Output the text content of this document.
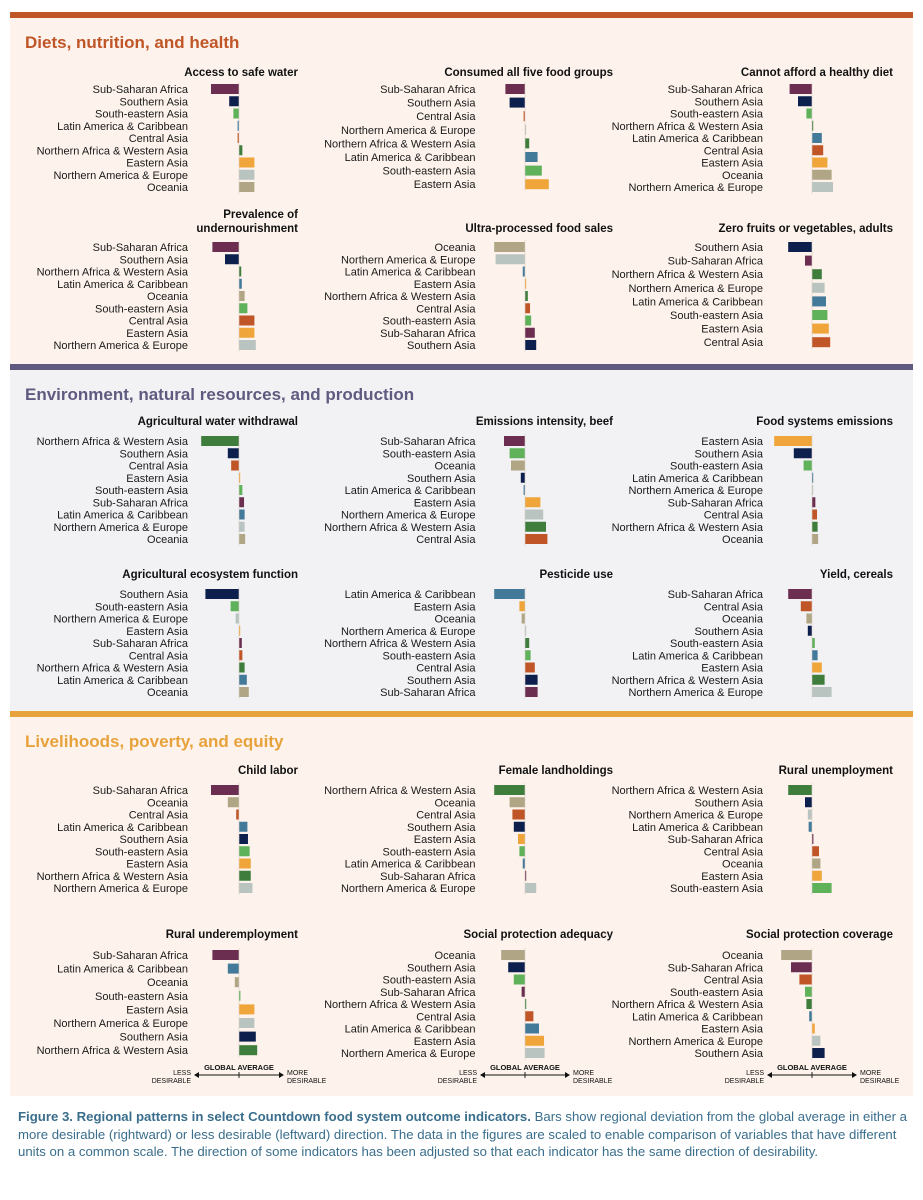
Diets, nutrition, and health
Environment, natural resources, and production
Livelihoods, poverty, and equity
Access to safe water
Sub-Saharan Africa
Southern Asia
South-eastern Asia
Latin America & Caribbean
Central Asia
Northern Africa & Western Asia
Eastern Asia
Northern America & Europe
Oceania
Consumed all five food groups
Sub-Saharan Africa
Southern Asia
Central Asia
Northern America & Europe
Northern Africa & Western Asia
Latin America & Caribbean
South-eastern Asia
Eastern Asia
Cannot afford a healthy diet
Sub-Saharan Africa
Southern Asia
South-eastern Asia
Northern Africa & Western Asia
Latin America & Caribbean
Central Asia
Eastern Asia
Oceania
Northern America & Europe
Prevalence of
undernourishment
Sub-Saharan Africa
Southern Asia
Northern Africa & Western Asia
Latin America & Caribbean
Oceania
South-eastern Asia
Central Asia
Eastern Asia
Northern America & Europe
Ultra-processed food sales
Oceania
Northern America & Europe
Latin America & Caribbean
Eastern Asia
Northern Africa & Western Asia
Central Asia
South-eastern Asia
Sub-Saharan Africa
Southern Asia
Zero fruits or vegetables, adults
Southern Asia
Sub-Saharan Africa
Northern Africa & Western Asia
Northern America & Europe
Latin America & Caribbean
South-eastern Asia
Eastern Asia
Central Asia
Agricultural water withdrawal
Northern Africa & Western Asia
Southern Asia
Central Asia
Eastern Asia
South-eastern Asia
Sub-Saharan Africa
Latin America & Caribbean
Northern America & Europe
Oceania
Emissions intensity, beef
Sub-Saharan Africa
South-eastern Asia
Oceania
Southern Asia
Latin America & Caribbean
Eastern Asia
Northern America & Europe
Northern Africa & Western Asia
Central Asia
Food systems emissions
Eastern Asia
Southern Asia
South-eastern Asia
Latin America & Caribbean
Northern America & Europe
Sub-Saharan Africa
Central Asia
Northern Africa & Western Asia
Oceania
Agricultural ecosystem function
Southern Asia
South-eastern Asia
Northern America & Europe
Eastern Asia
Sub-Saharan Africa
Central Asia
Northern Africa & Western Asia
Latin America & Caribbean
Oceania
Pesticide use
Latin America & Caribbean
Eastern Asia
Oceania
Northern America & Europe
Northern Africa & Western Asia
South-eastern Asia
Central Asia
Southern Asia
Sub-Saharan Africa
Yield, cereals
Sub-Saharan Africa
Central Asia
Oceania
Southern Asia
South-eastern Asia
Latin America & Caribbean
Eastern Asia
Northern Africa & Western Asia
Northern America & Europe
Child labor
Sub-Saharan Africa
Oceania
Central Asia
Latin America & Caribbean
Southern Asia
South-eastern Asia
Eastern Asia
Northern Africa & Western Asia
Northern America & Europe
Female landholdings
Northern Africa & Western Asia
Oceania
Central Asia
Southern Asia
Eastern Asia
South-eastern Asia
Latin America & Caribbean
Sub-Saharan Africa
Northern America & Europe
Rural unemployment
Northern Africa & Western Asia
Southern Asia
Northern America & Europe
Latin America & Caribbean
Sub-Saharan Africa
Central Asia
Oceania
Eastern Asia
South-eastern Asia
Rural underemployment
Sub-Saharan Africa
Latin America & Caribbean
Oceania
South-eastern Asia
Eastern Asia
Northern America & Europe
Southern Asia
Northern Africa & Western Asia
Social protection adequacy
Oceania
Southern Asia
South-eastern Asia
Sub-Saharan Africa
Northern Africa & Western Asia
Central Asia
Latin America & Caribbean
Eastern Asia
Northern America & Europe
Social protection coverage
Oceania
Sub-Saharan Africa
Central Asia
South-eastern Asia
Northern Africa & Western Asia
Latin America & Caribbean
Eastern Asia
Northern America & Europe
Southern Asia
GLOBAL AVERAGE
LESS
DESIRABLE
MORE
DESIRABLE
GLOBAL AVERAGE
LESS
DESIRABLE
MORE
DESIRABLE
GLOBAL AVERAGE
LESS
DESIRABLE
MORE
DESIRABLE
Figure 3. Regional patterns in select Countdown food system outcome indicators. Bars show regional deviation from the global average in either a more desirable (rightward) or less desirable (leftward) direction. The data in the figures are scaled to enable comparison of variables that have different units on a common scale. The direction of some indicators has been adjusted so that each indicator has the same direction of desirability.
